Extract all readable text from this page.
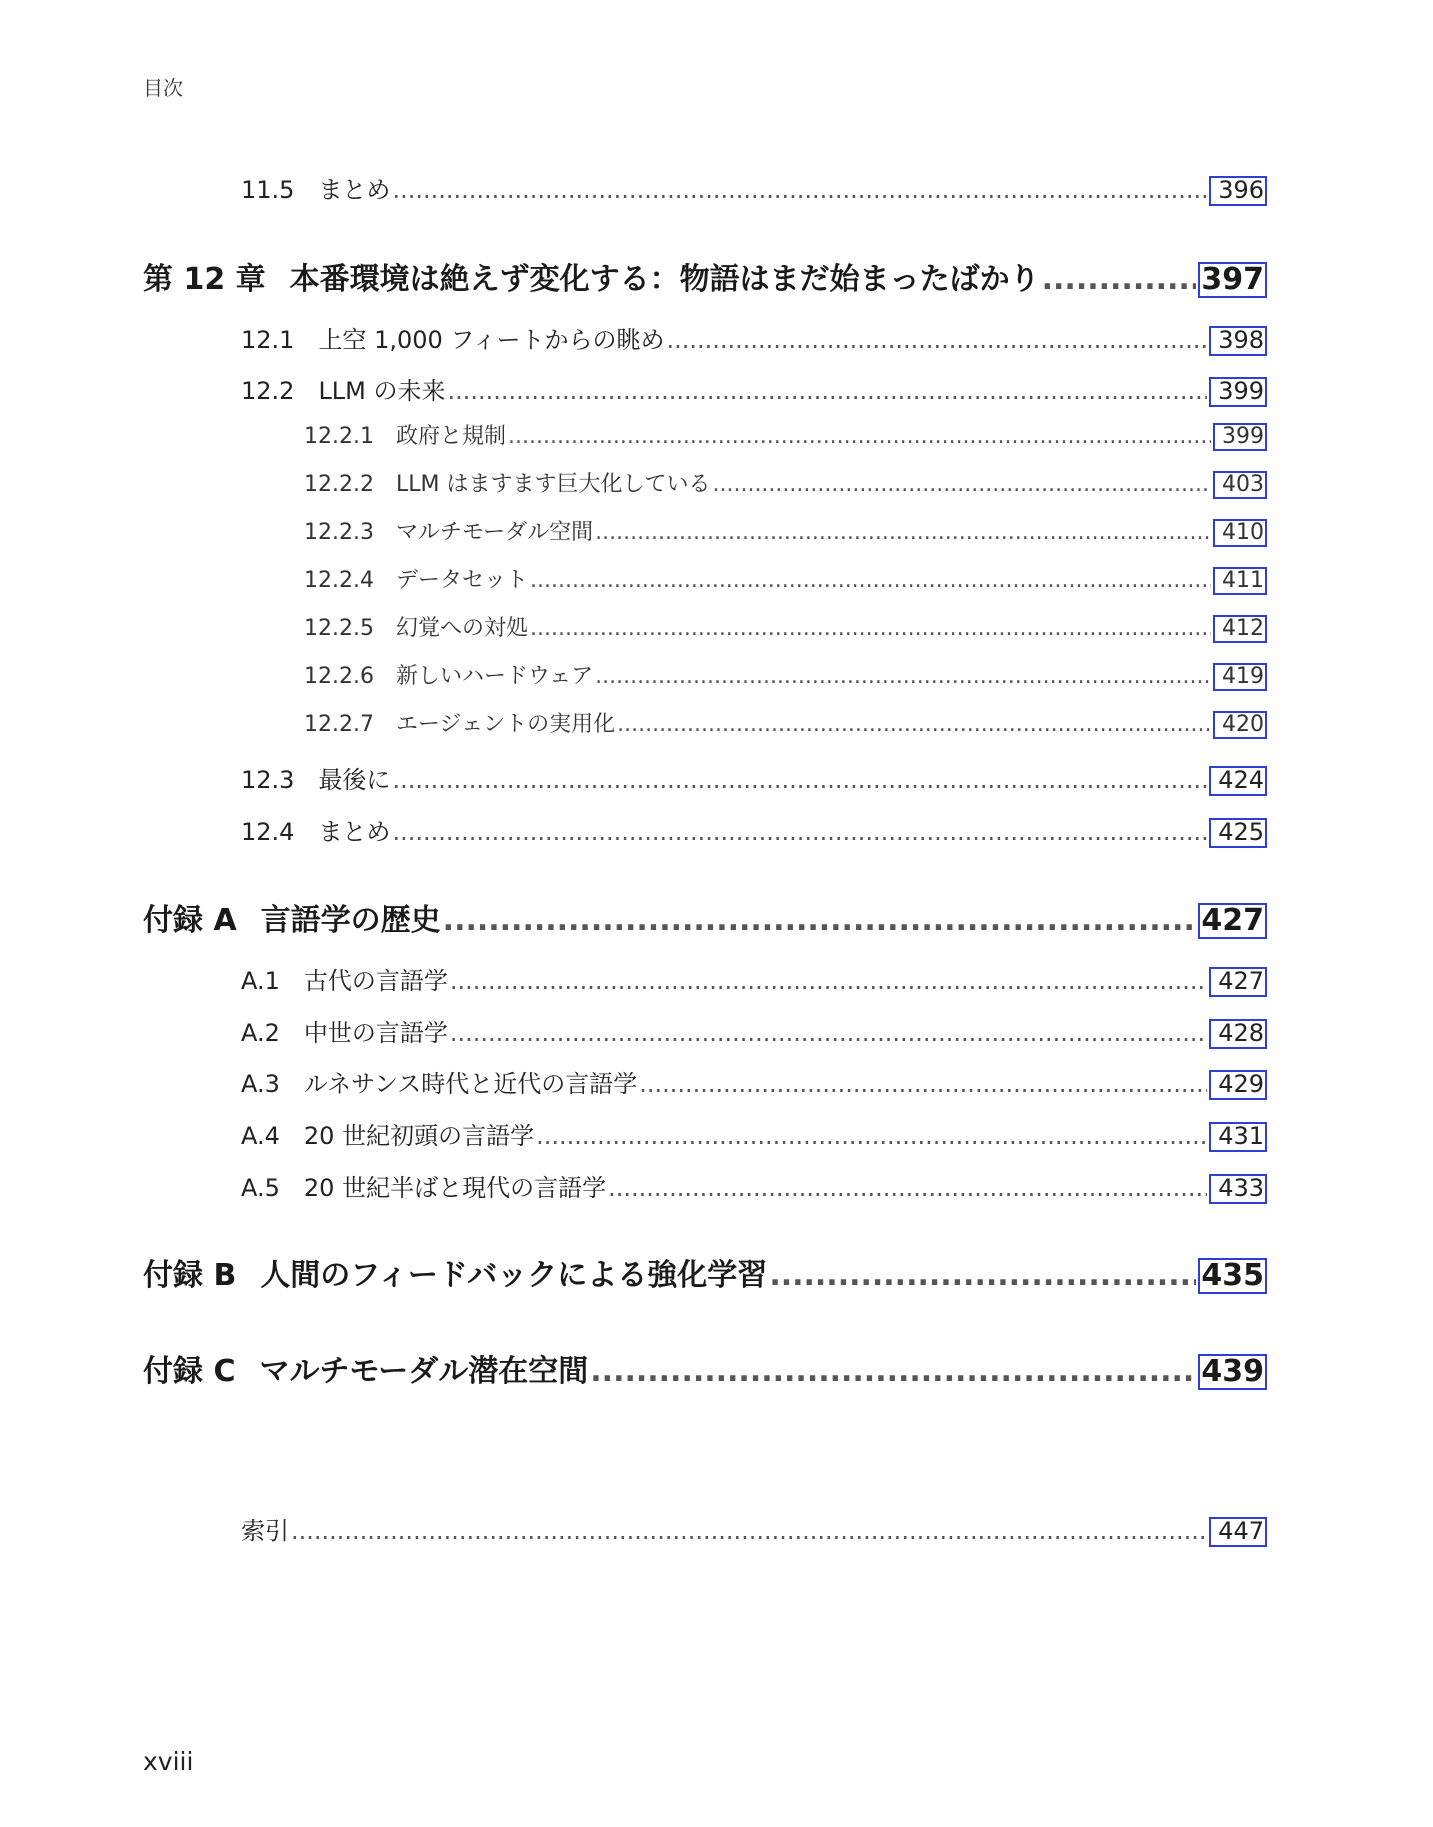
目次
11.5 まとめ .....	396
第 12 章 本番環境は絶えず変化する：物語はまだ始まったばかり .....	397
12.1 上空 1,000 フィートからの眺め .....	398
12.2 LLM の未来 .....	399
12.2.1 政府と規制 .....	399
12.2.2 LLM はますます巨大化している .....	403
12.2.3 マルチモーダル空間 .....	410
12.2.4 データセット .....	411
12.2.5 幻覚への対処 .....	412
12.2.6 新しいハードウェア .....	419
12.2.7 エージェントの実用化 .....	420
12.3 最後に .....	424
12.4 まとめ .....	425
付録 A 言語学の歴史 .....	427
A.1 古代の言語学 .....	427
A.2 中世の言語学 .....	428
A.3 ルネサンス時代と近代の言語学 .....	429
A.4 20 世紀初頭の言語学 .....	431
A.5 20 世紀半ばと現代の言語学 .....	433
付録 B 人間のフィードバックによる強化学習 .....	435
付録 C マルチモーダル潜在空間 .....	439
索引 .....	447
xviii
